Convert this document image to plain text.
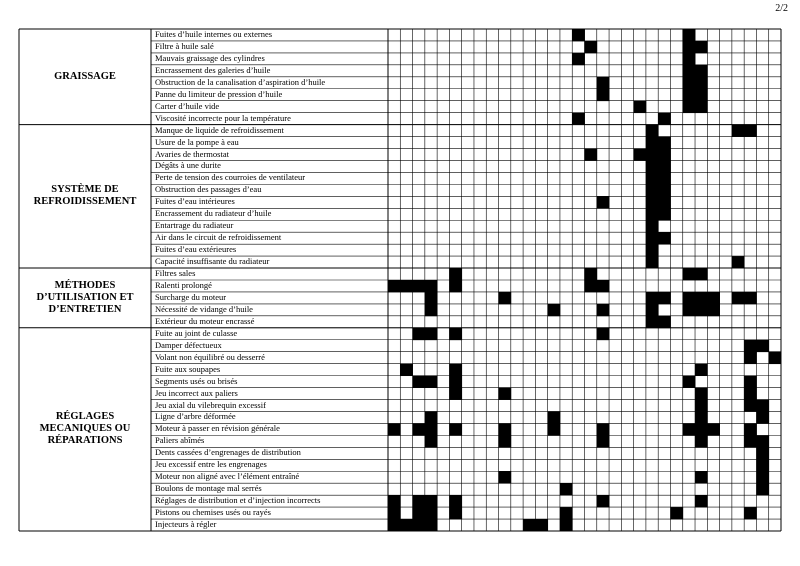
2/2
GRAISSAGE
Fuites d’huile internes ou externes
Filtre à huile salé
Mauvais graissage des cylindres
Encrassement des galeries d’huile
Obstruction de la canalisation d’aspiration d’huile
Panne du limiteur de pression d’huile
Carter d’huile vide
Viscosité incorrecte pour la température
SYSTÈME DE REFROIDISSEMENT
Manque de liquide de refroidissement
Usure de la pompe à eau
Avaries de thermostat
Dégâts à une durite
Perte de tension des courroies de ventilateur
Obstruction des passages d’eau
Fuites d’eau intérieures
Encrassement du radiateur d’huile
Entartrage du radiateur
Air dans le circuit de refroidissement
Fuites d’eau extérieures
Capacité insuffisante du radiateur
MÉTHODES D’UTILISATION ET D’ENTRETIEN
Filtres sales
Ralenti prolongé
Surcharge du moteur
Nécessité de vidange d’huile
Extérieur du moteur encrassé
RÉGLAGES MECANIQUES OU RÉPARATIONS
Fuite au joint de culasse
Damper défectueux
Volant non équilibré ou desserré
Fuite aux soupapes
Segments usés ou brisés
Jeu incorrect aux paliers
Jeu axial du vilebrequin excessif
Ligne d’arbre déformée
Moteur à passer en révision générale
Paliers abîmés
Dents cassées d’engrenages de distribution
Jeu excessif entre les engrenages
Moteur non aligné avec l’élément entraîné
Boulons de montage mal serrés
Réglages de distribution et d’injection incorrects
Pistons ou chemises usés ou rayés
Injecteurs à régler
